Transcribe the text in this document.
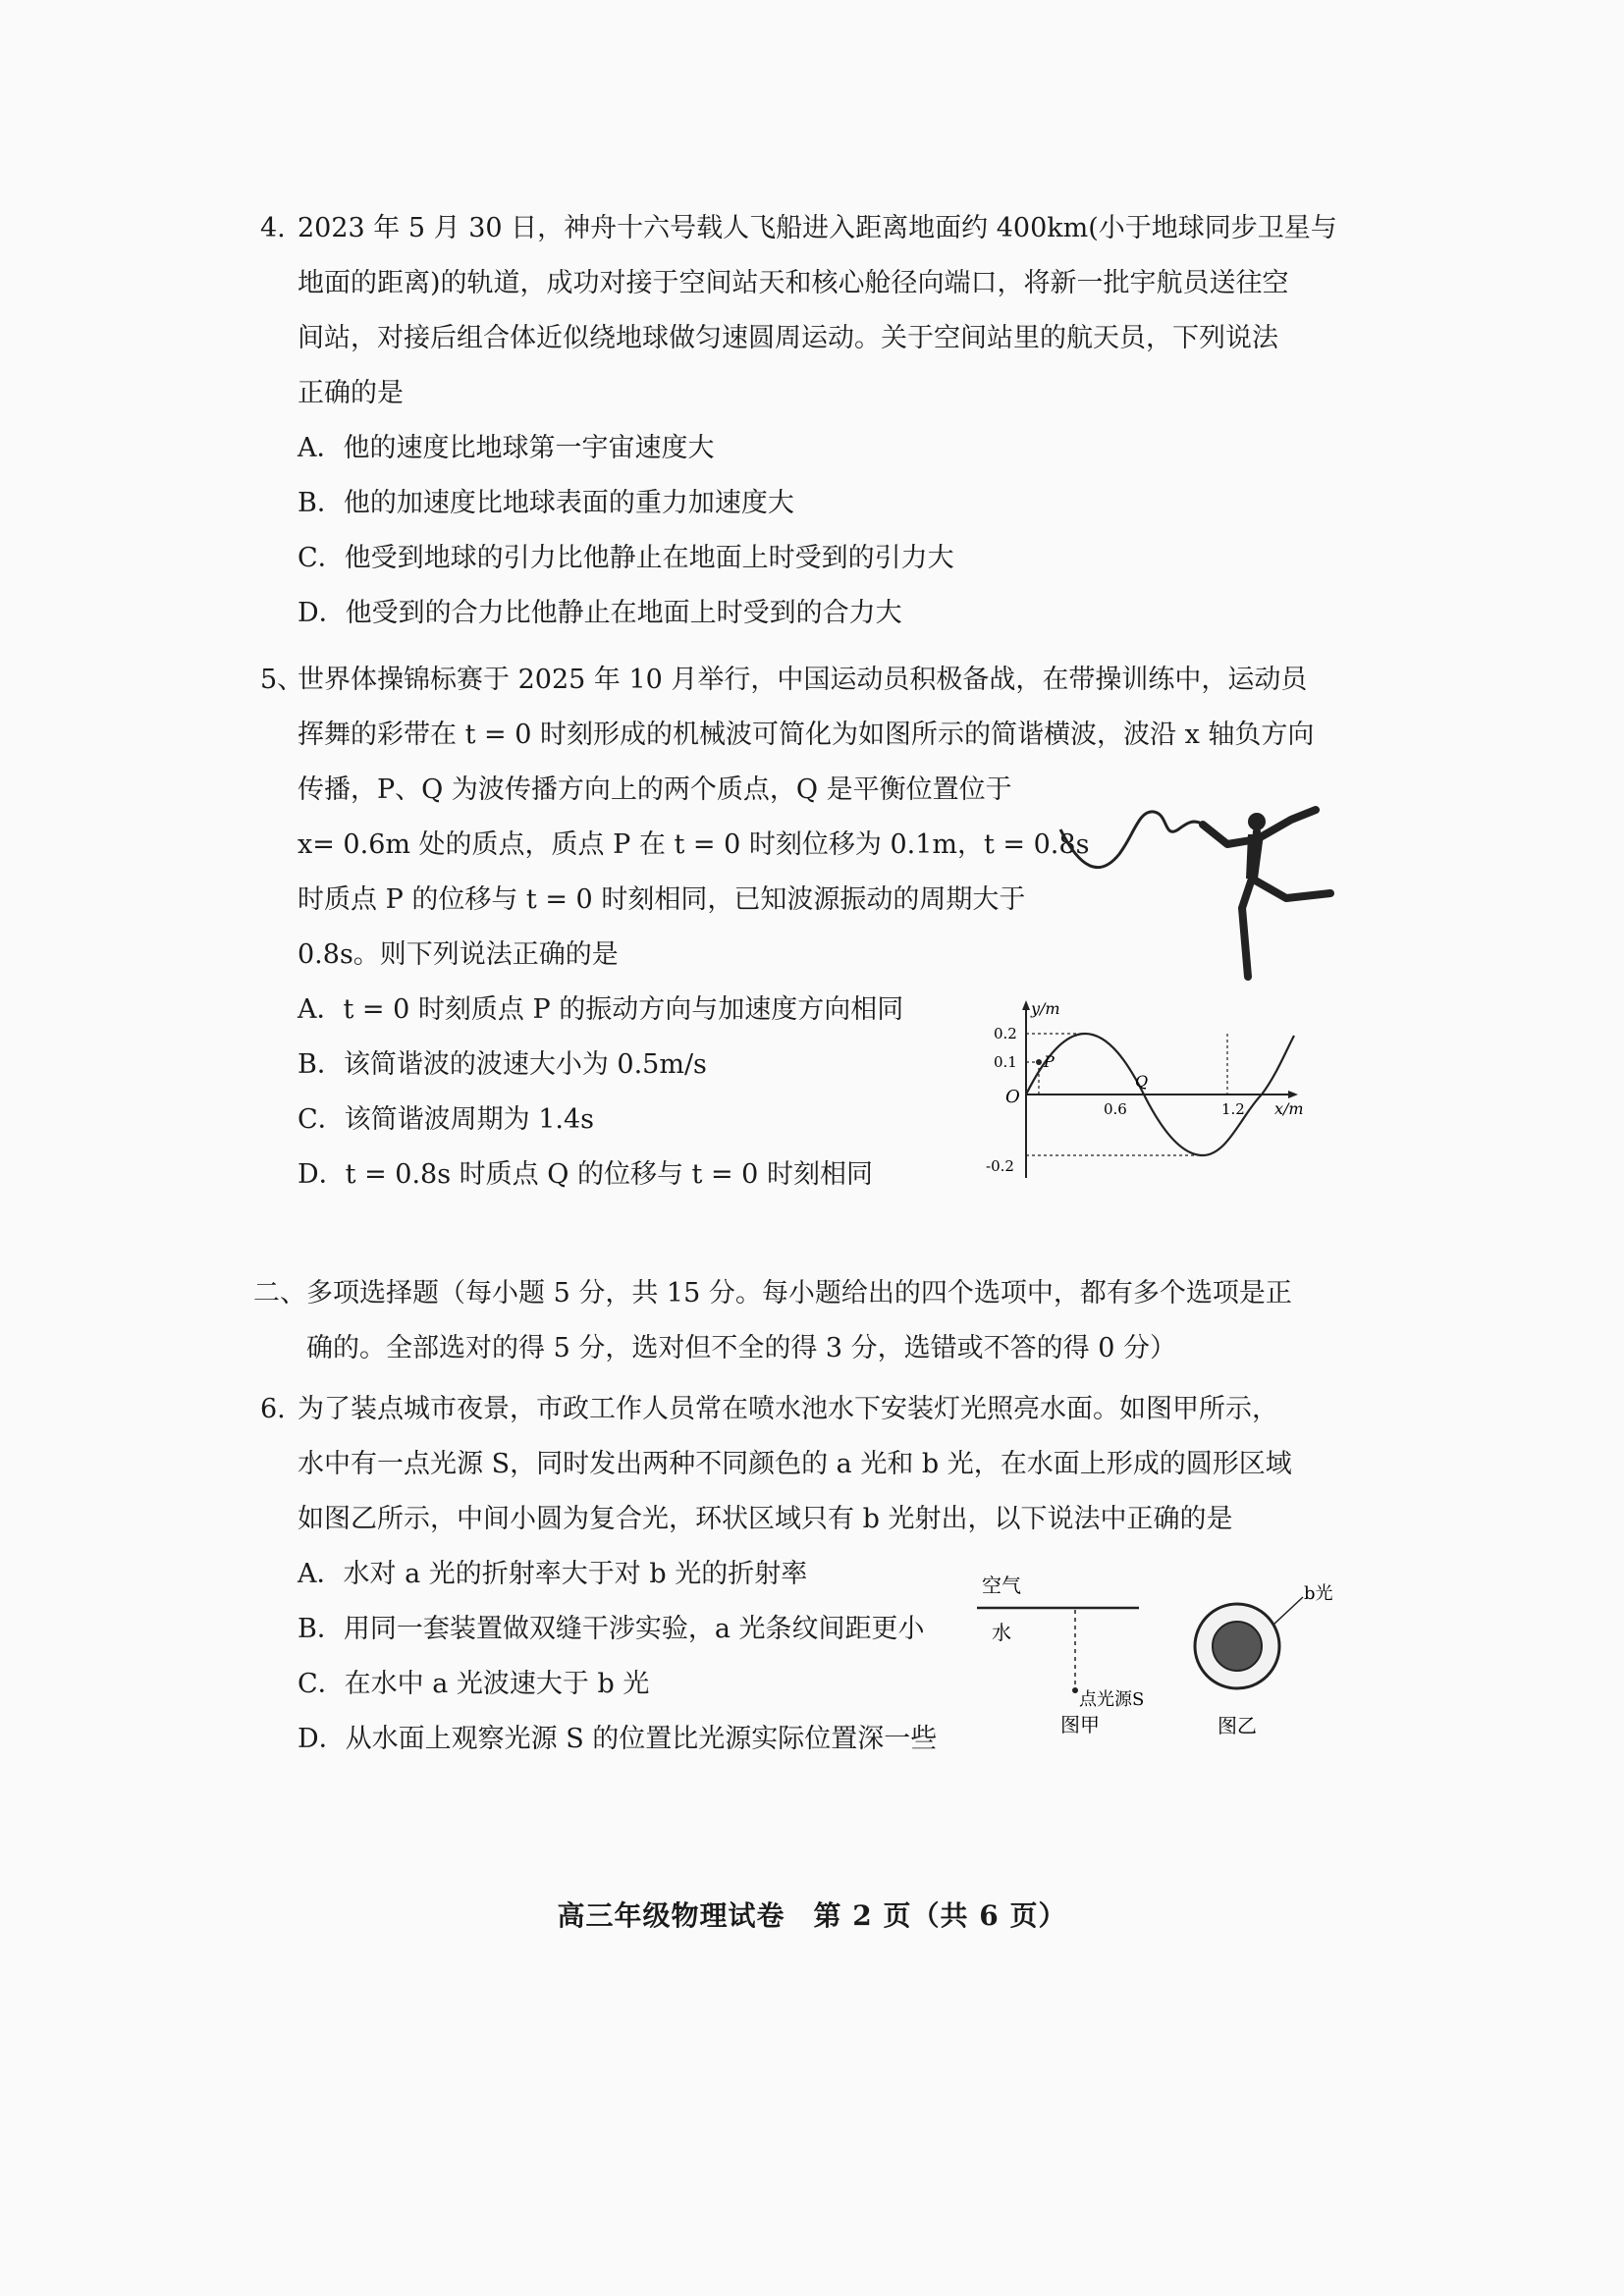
4. 2023 年 5 月 30 日，神舟十六号载人飞船进入距离地面约 400km(小于地球同步卫星与
地面的距离)的轨道，成功对接于空间站天和核心舱径向端口，将新一批宇航员送往空
间站，对接后组合体近似绕地球做匀速圆周运动。关于空间站里的航天员，下列说法
正确的是
A．他的速度比地球第一宇宙速度大
B．他的加速度比地球表面的重力加速度大
C．他受到地球的引力比他静止在地面上时受到的引力大
D．他受到的合力比他静止在地面上时受到的合力大
5、世界体操锦标赛于 2025 年 10 月举行，中国运动员积极备战，在带操训练中，运动员
挥舞的彩带在 t = 0 时刻形成的机械波可简化为如图所示的简谐横波，波沿 x 轴负方向
传播，P、Q 为波传播方向上的两个质点，Q 是平衡位置位于
x= 0.6m 处的质点，质点 P 在 t = 0 时刻位移为 0.1m，t = 0.8s
时质点 P 的位移与 t = 0 时刻相同，已知波源振动的周期大于
0.8s。则下列说法正确的是
A．t = 0 时刻质点 P 的振动方向与加速度方向相同
B．该简谐波的波速大小为 0.5m/s
C．该简谐波周期为 1.4s
D．t = 0.8s 时质点 Q 的位移与 t = 0 时刻相同
y/m
x/m
O
0.2
0.1
-0.2
0.6	1.2
P
Q
二、多项选择题（每小题 5 分，共 15 分。每小题给出的四个选项中，都有多个选项是正
确的。全部选对的得 5 分，选对但不全的得 3 分，选错或不答的得 0 分）
6. 为了装点城市夜景，市政工作人员常在喷水池水下安装灯光照亮水面。如图甲所示，
水中有一点光源 S，同时发出两种不同颜色的 a 光和 b 光，在水面上形成的圆形区域
如图乙所示，中间小圆为复合光，环状区域只有 b 光射出，以下说法中正确的是
A．水对 a 光的折射率大于对 b 光的折射率
B．用同一套装置做双缝干涉实验，a 光条纹间距更小
C．在水中 a 光波速大于 b 光
D．从水面上观察光源 S 的位置比光源实际位置深一些
空气
水
点光源S
图甲
b光
图乙
高三年级物理试卷　第 2 页（共 6 页）
